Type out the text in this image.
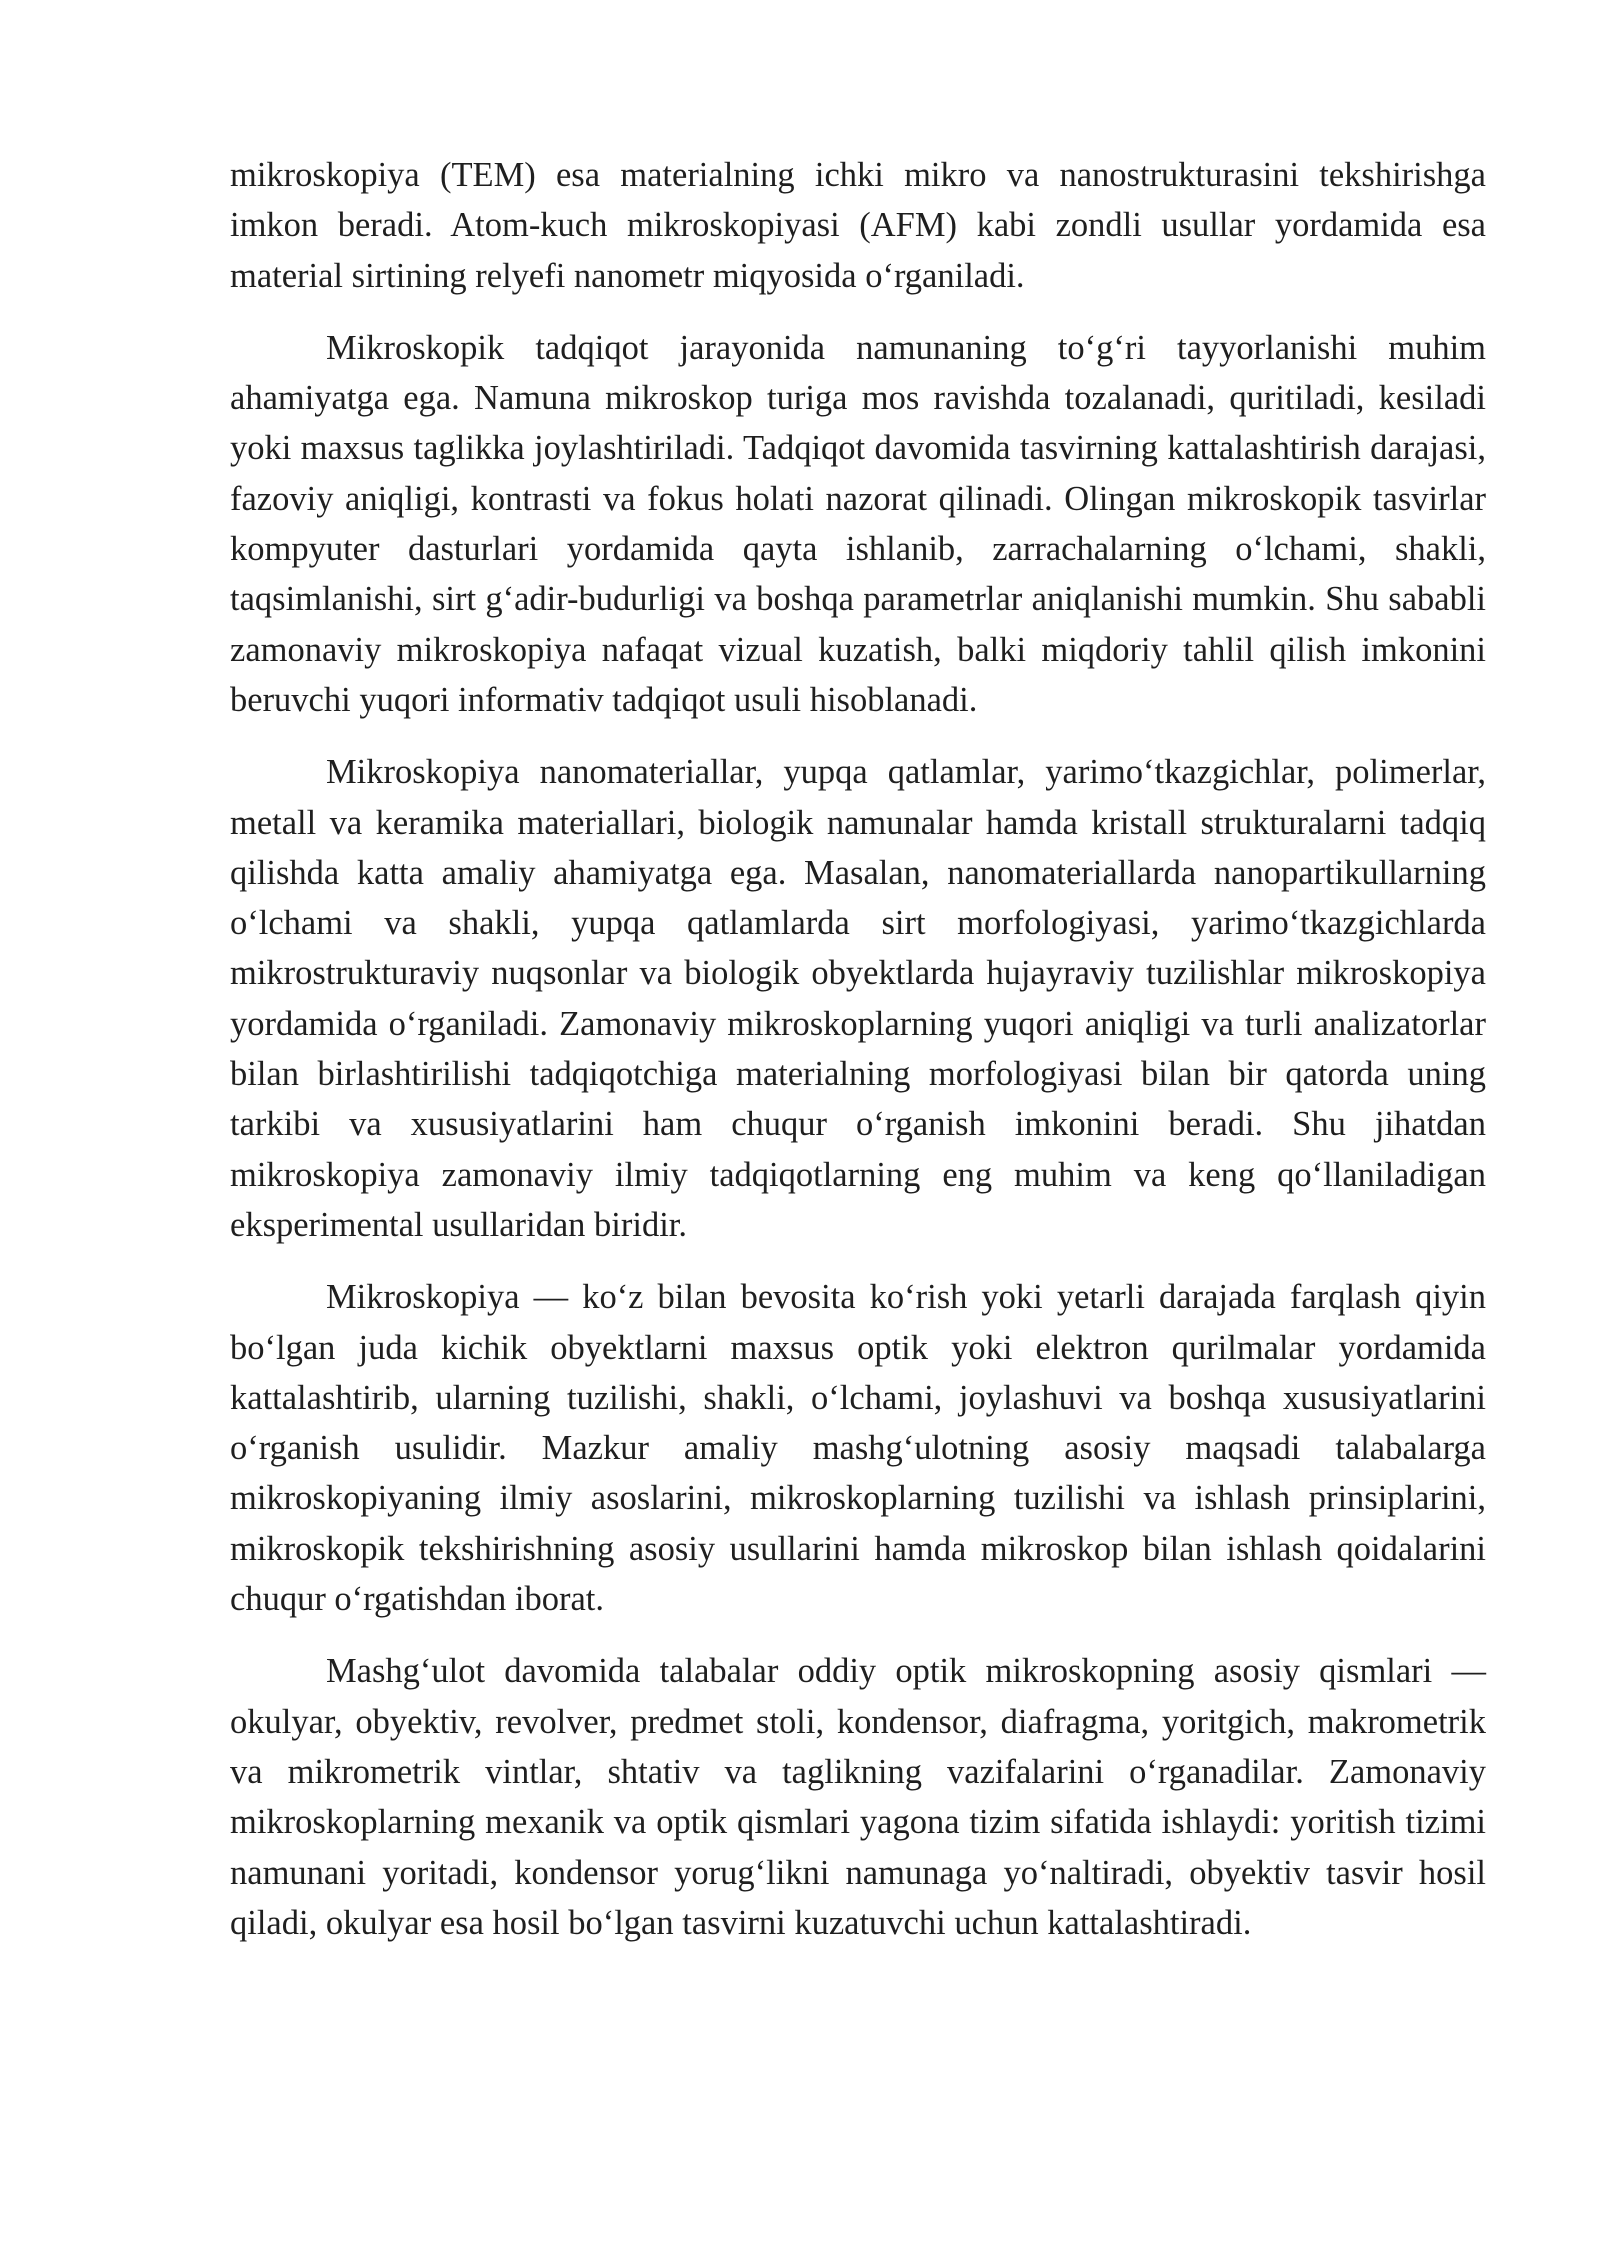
mikroskopiya (TEM) esa materialning ichki mikro va nanostrukturasini tekshirishga imkon beradi. Atom-kuch mikroskopiyasi (AFM) kabi zondli usullar yordamida esa material sirtining relyefi nanometr miqyosida o‘rganiladi.

Mikroskopik tadqiqot jarayonida namunaning to‘g‘ri tayyorlanishi muhim ahamiyatga ega. Namuna mikroskop turiga mos ravishda tozalanadi, quritiladi, kesiladi yoki maxsus taglikka joylashtiriladi. Tadqiqot davomida tasvirning kattalashtirish darajasi, fazoviy aniqligi, kontrasti va fokus holati nazorat qilinadi. Olingan mikroskopik tasvirlar kompyuter dasturlari yordamida qayta ishlanib, zarrachalarning o‘lchami, shakli, taqsimlanishi, sirt g‘adir-budurligi va boshqa parametrlar aniqlanishi mumkin. Shu sababli zamonaviy mikroskopiya nafaqat vizual kuzatish, balki miqdoriy tahlil qilish imkonini beruvchi yuqori informativ tadqiqot usuli hisoblanadi.

Mikroskopiya nanomateriallar, yupqa qatlamlar, yarimo‘tkazgichlar, polimerlar, metall va keramika materiallari, biologik namunalar hamda kristall strukturalarni tadqiq qilishda katta amaliy ahamiyatga ega. Masalan, nanomateriallarda nanopartikullarning o‘lchami va shakli, yupqa qatlamlarda sirt morfologiyasi, yarimo‘tkazgichlarda mikrostrukturaviy nuqsonlar va biologik obyektlarda hujayraviy tuzilishlar mikroskopiya yordamida o‘rganiladi. Zamonaviy mikroskoplarning yuqori aniqligi va turli analizatorlar bilan birlashtirilishi tadqiqotchiga materialning morfologiyasi bilan bir qatorda uning tarkibi va xususiyatlarini ham chuqur o‘rganish imkonini beradi. Shu jihatdan mikroskopiya zamonaviy ilmiy tadqiqotlarning eng muhim va keng qo‘llaniladigan eksperimental usullaridan biridir.

Mikroskopiya — ko‘z bilan bevosita ko‘rish yoki yetarli darajada farqlash qiyin bo‘lgan juda kichik obyektlarni maxsus optik yoki elektron qurilmalar yordamida kattalashtirib, ularning tuzilishi, shakli, o‘lchami, joylashuvi va boshqa xususiyatlarini o‘rganish usulidir. Mazkur amaliy mashg‘ulotning asosiy maqsadi talabalarga mikroskopiyaning ilmiy asoslarini, mikroskoplarning tuzilishi va ishlash prinsiplarini, mikroskopik tekshirishning asosiy usullarini hamda mikroskop bilan ishlash qoidalarini chuqur o‘rgatishdan iborat.

Mashg‘ulot davomida talabalar oddiy optik mikroskopning asosiy qismlari — okulyar, obyektiv, revolver, predmet stoli, kondensor, diafragma, yoritgich, makrometrik va mikrometrik vintlar, shtativ va taglikning vazifalarini o‘rganadilar. Zamonaviy mikroskoplarning mexanik va optik qismlari yagona tizim sifatida ishlaydi: yoritish tizimi namunani yoritadi, kondensor yorug‘likni namunaga yo‘naltiradi, obyektiv tasvir hosil qiladi, okulyar esa hosil bo‘lgan tasvirni kuzatuvchi uchun kattalashtiradi.
